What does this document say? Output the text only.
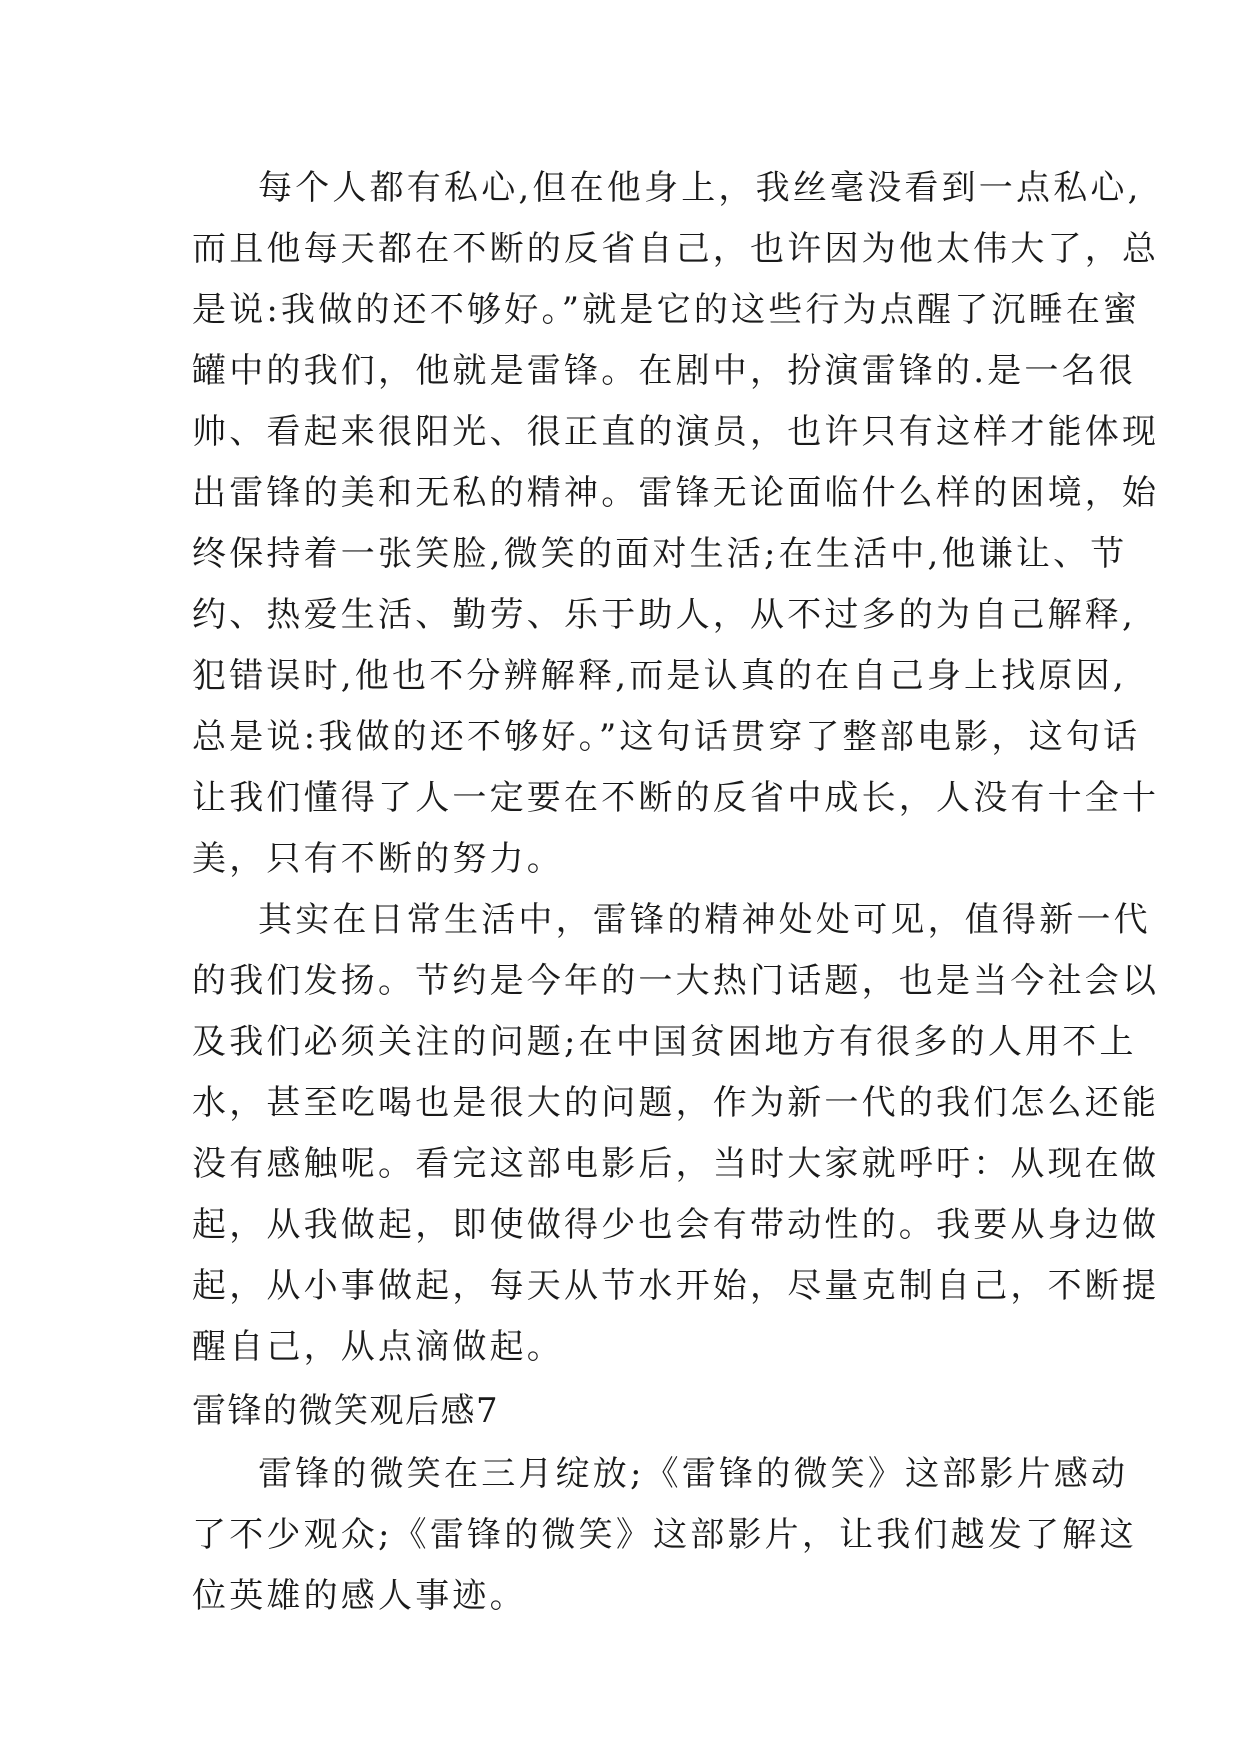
每个人都有私心,但在他身上，我丝毫没看到一点私心,
而且他每天都在不断的反省自己，也许因为他太伟大了，总
是说:我做的还不够好。”就是它的这些行为点醒了沉睡在蜜
罐中的我们，他就是雷锋。在剧中，扮演雷锋的.是一名很
帅、看起来很阳光、很正直的演员，也许只有这样才能体现
出雷锋的美和无私的精神。雷锋无论面临什么样的困境，始
终保持着一张笑脸,微笑的面对生活;在生活中,他谦让、节
约、热爱生活、勤劳、乐于助人，从不过多的为自己解释,
犯错误时,他也不分辨解释,而是认真的在自己身上找原因,
总是说:我做的还不够好。”这句话贯穿了整部电影，这句话
让我们懂得了人一定要在不断的反省中成长，人没有十全十
美，只有不断的努力。
其实在日常生活中，雷锋的精神处处可见，值得新一代
的我们发扬。节约是今年的一大热门话题，也是当今社会以
及我们必须关注的问题;在中国贫困地方有很多的人用不上
水，甚至吃喝也是很大的问题，作为新一代的我们怎么还能
没有感触呢。看完这部电影后，当时大家就呼吁：从现在做
起，从我做起，即使做得少也会有带动性的。我要从身边做
起，从小事做起，每天从节水开始，尽量克制自己，不断提
醒自己，从点滴做起。
雷锋的微笑观后感7
雷锋的微笑在三月绽放;《雷锋的微笑》这部影片感动
了不少观众;《雷锋的微笑》这部影片，让我们越发了解这
位英雄的感人事迹。
